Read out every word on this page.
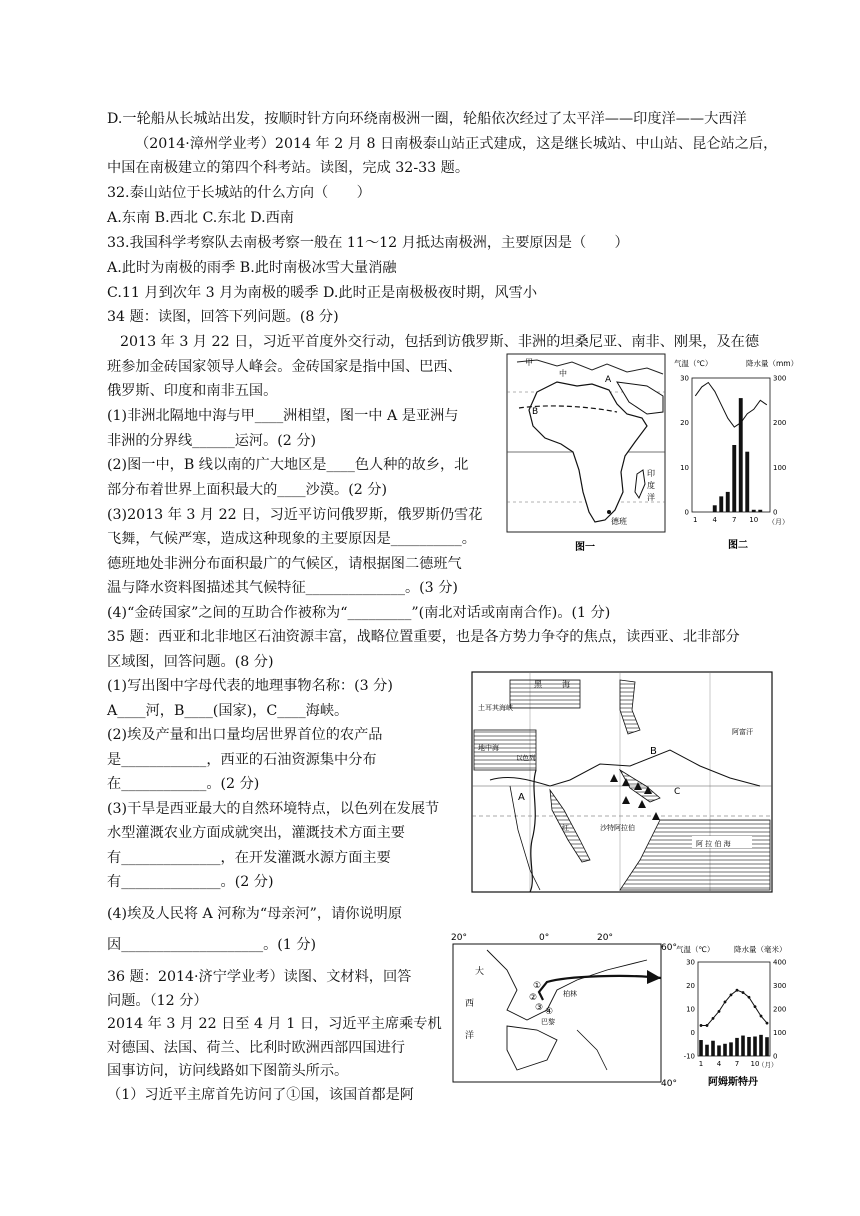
D.一轮船从长城站出发，按顺时针方向环绕南极洲一圈，轮船依次经过了太平洋——印度洋——大西洋
（2014·漳州学业考）2014 年 2 月 8 日南极泰山站正式建成，这是继长城站、中山站、昆仑站之后，
中国在南极建立的第四个科考站。读图，完成 32-33 题。
32.泰山站位于长城站的什么方向（　　）
A.东南 B.西北 C.东北 D.西南
33.我国科学考察队去南极考察一般在 11～12 月抵达南极洲，主要原因是（　　）
A.此时为南极的雨季 B.此时南极冰雪大量消融
C.11 月到次年 3 月为南极的暖季 D.此时正是南极极夜时期，风雪小
34 题：读图，回答下列问题。(8 分)
2013 年 3 月 22 日，习近平首度外交行动，包括到访俄罗斯、非洲的坦桑尼亚、南非、刚果，及在德
班参加金砖国家领导人峰会。金砖国家是指中国、巴西、
俄罗斯、印度和南非五国。
(1)非洲北隔地中海与甲____洲相望，图一中 A 是亚洲与
非洲的分界线______运河。(2 分)
(2)图一中，B 线以南的广大地区是____色人种的故乡，北
部分布着世界上面积最大的____沙漠。(2 分)
(3)2013 年 3 月 22 日，习近平访问俄罗斯，俄罗斯仍雪花
飞舞，气候严寒，造成这种现象的主要原因是__________。
德班地处非洲分布面积最广的气候区，请根据图二德班气
温与降水资料图描述其气候特征______________。(3 分)
(4)“金砖国家”之间的互助合作被称为“_________”(南北对话或南南合作)。(1 分)
35 题：西亚和北非地区石油资源丰富，战略位置重要，也是各方势力争夺的焦点，读西亚、北非部分
区域图，回答问题。(8 分)
(1)写出图中字母代表的地理事物名称：(3 分)
A____河，B____(国家)，C____海峡。
(2)埃及产量和出口量均居世界首位的农产品
是____________，西亚的石油资源集中分布
在____________。(2 分)
(3)干旱是西亚最大的自然环境特点，以色列在发展节
水型灌溉农业方面成就突出，灌溉技术方面主要
有______________，在开发灌溉水源方面主要
有______________。(2 分)
(4)埃及人民将 A 河称为“母亲河”，请你说明原
因____________________。(1 分)
36 题：2014·济宁学业考）读图、文材料，回答
问题。（12 分）
2014 年 3 月 22 日至 4 月 1 日，习近平主席乘专机
对德国、法国、荷兰、比利时欧洲西部四国进行
国事访问，访问线路如下图箭头所示。
（1）习近平主席首先访问了①国，该国首都是阿
B
甲
中
A
印
度
洋
德班
图一
气温（℃）	降水量（mm）
30
20
10
0
300
200
100
0
1 4 7 10 （月）
图二
黑	海
土耳其海峡
地中海
以色列
红
阿 拉 伯 海
A	C
B
阿富汗
沙特阿拉伯
20°	0°	20°
60°
40°
大
西
洋
①
②
③ ④
柏林
巴黎
气温（℃）	降水量（毫米）
30
20
10
0
-10
400
300
200
100
0
1 4 7 10
（月）
阿姆斯特丹
